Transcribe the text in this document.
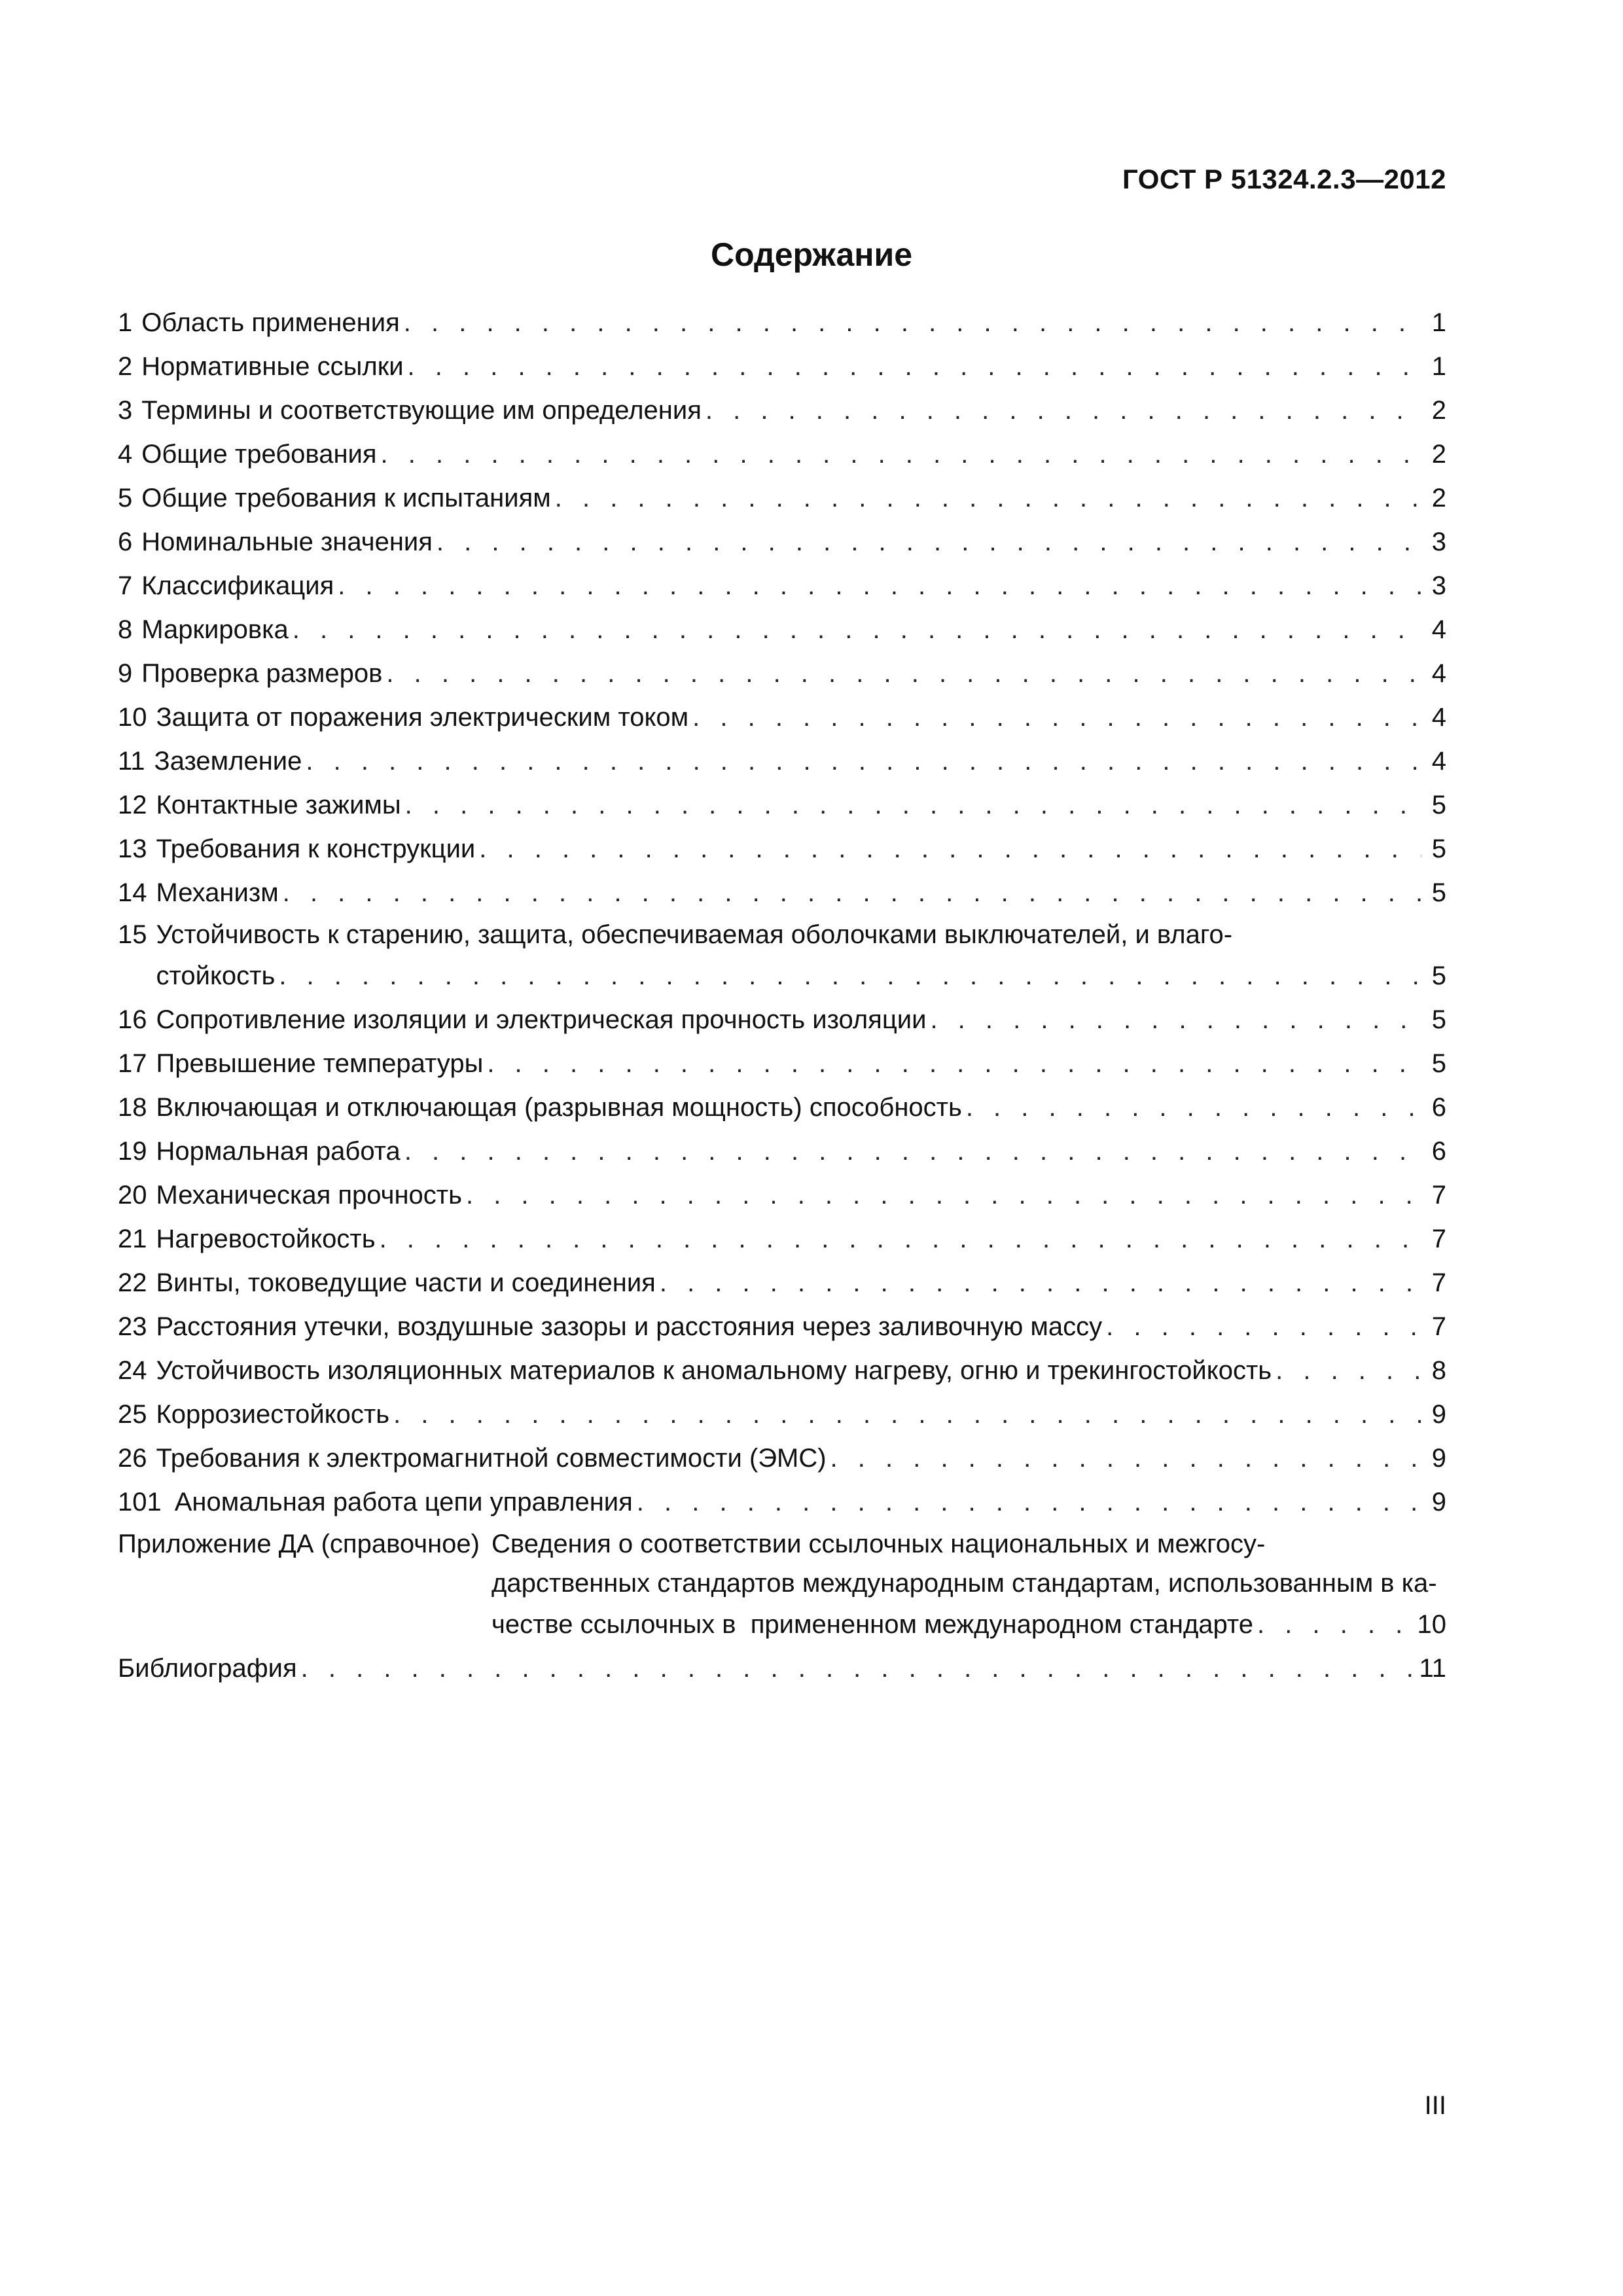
ГОСТ Р 51324.2.3—2012
Содержание
1 Область применения . . .	1
2 Нормативные ссылки . . .	1
3 Термины и соответствующие им определения . . .	2
4 Общие требования . . .	2
5 Общие требования к испытаниям . . .	2
6 Номинальные значения . . .	3
7 Классификация . . .	3
8 Маркировка . . .	4
9 Проверка размеров . . .	4
10 Защита от поражения электрическим током . . .	4
11 Заземление . . .	4
12 Контактные зажимы . . .	5
13 Требования к конструкции . . .	5
14 Механизм . . .	5
15 Устойчивость к старению, защита, обеспечиваемая оболочками выключателей, и влаго-
стойкость . . .	5
16 Сопротивление изоляции и электрическая прочность изоляции . . .	5
17 Превышение температуры . . .	5
18 Включающая и отключающая (разрывная мощность) способность . . .	6
19 Нормальная работа . . .	6
20 Механическая прочность . . .	7
21 Нагревостойкость . . .	7
22 Винты, токоведущие части и соединения . . .	7
23 Расстояния утечки, воздушные зазоры и расстояния через заливочную массу . . .	7
24 Устойчивость изоляционных материалов к аномальному нагреву, огню и трекингостойкость . . .	8
25 Коррозиестойкость . . .	9
26 Требования к электромагнитной совместимости (ЭМС) . . .	9
101 Аномальная работа цепи управления . . .	9
Приложение ДА (справочное) Сведения о соответствии ссылочных национальных и межгосу-
дарственных стандартов международным стандартам, использованным в ка-
честве ссылочных в  примененном международном стандарте . . .	10
Библиография . . .	11
III
